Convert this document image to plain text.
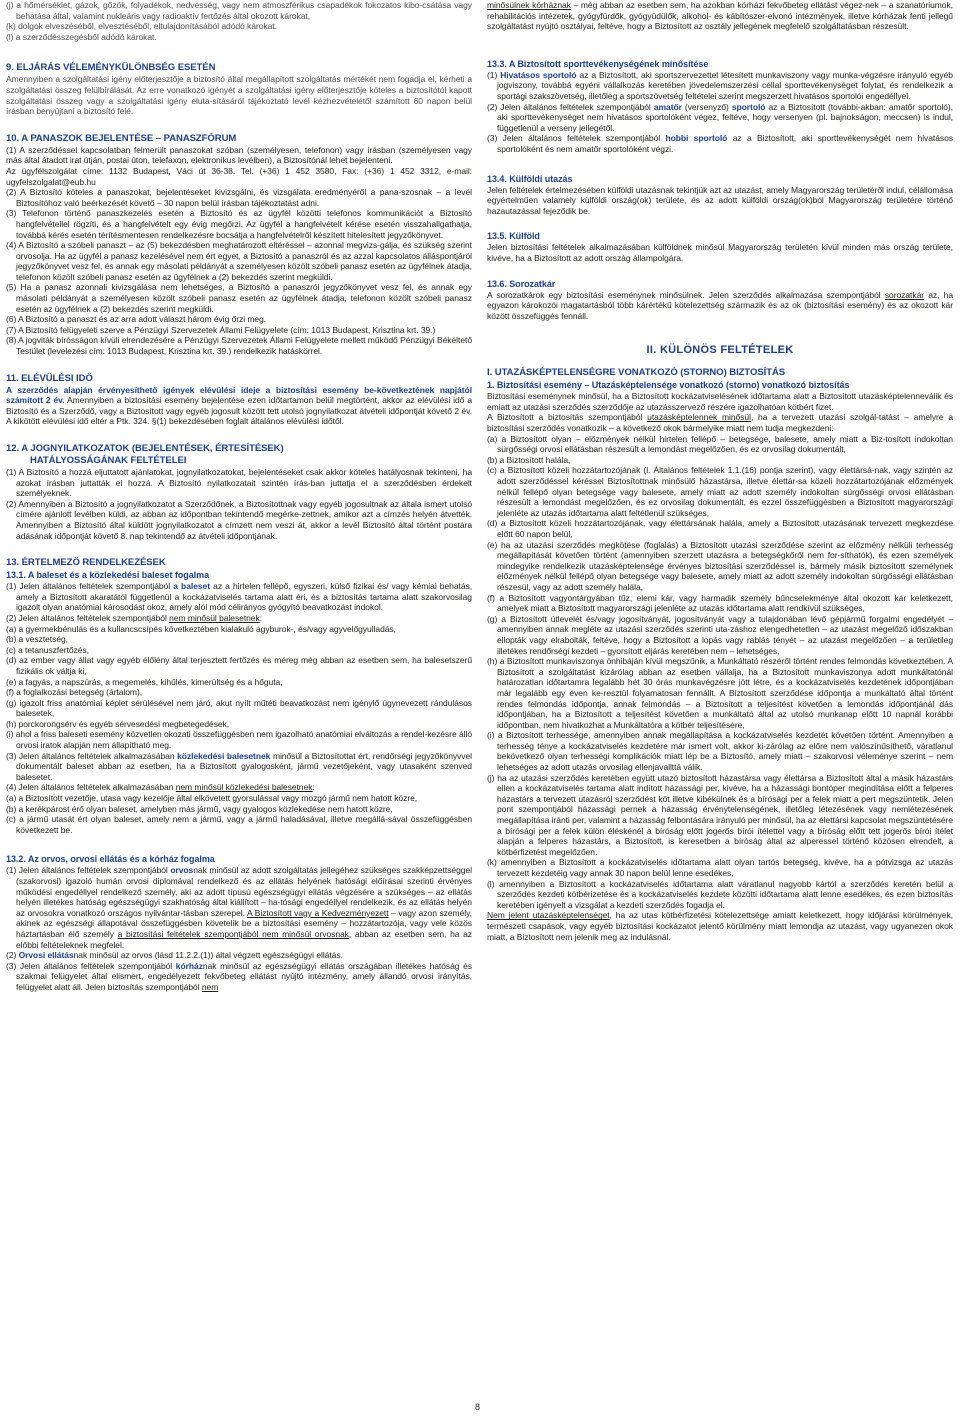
(j) a hőmérséklet, gázok, gőzök, folyadékok, nedvesség, vagy nem atmoszférikus csapadékok fokozatos kibo-csátása vagy behatása által, valamint nukleáris vagy radioaktív fertőzés által okozott károkat,

(k) dolgok elveszéséből, elvesztéséből, eltulajdonításából adódó károkat.

(l) a szerződésszegésből adódó károkat.

9. ELJÁRÁS VÉLEMÉNYKÜLÖNBSÉG ESETÉN

Amennyiben a szolgáltatási igény előterjesztője a biztosító által megállapított szolgáltatás mértékét nem fogadja el, kérheti a szolgáltatási összeg felülbírálását. Az erre vonatkozó igényét a szolgáltatási igény előterjesztője köteles a biztosítótól kapott szolgáltatási összeg vagy a szolgáltatási igény eluta-sításáról tájékoztató levél kézhezvételétől számított 60 napon belül írásban benyújtani a biztosító felé.

10. A PANASZOK BEJELENTÉSE – PANASZFÓRUM

(1) A szerződéssel kapcsolatban felmerült panaszokat szóban (személyesen, telefonon) vagy írásban (személyesen vagy más által átadott irat útján, postai úton, telefaxon, elektronikus levélben), a Biztosítónál lehet bejelenteni.

Az ügyfélszolgálat címe: 1132 Budapest, Váci út 36-38. Tel. (+36) 1 452 3580, Fax: (+36) 1 452 3312, e-mail: ugyfelszolgalat@eub.hu

(2) A Biztosító köteles a panaszokat, bejelentéseket kivizsgálni, és vizsgálata eredményéről a pana-szosnak – a levél Biztosítóhoz való beérkezését követő – 30 napon belül írásban tájékoztatást adni.

(3) Telefonon történő panaszkezelés esetén a Biztosító és az ügyfél közötti telefonos kommunikációt a Biztosító hangfelvétellel rögzíti, és a hangfelvételt egy évig megőrzi. Az ügyfél a hangfelvételt kérése esetén visszahallgathatja, továbbá kérés esetén térítésmentesen rendelkezésre bocsátja a hangfelvételről készített hitelesített jegyzőkönyvet.

(4) A Biztosító a szóbeli panaszt – az (5) bekezdésben meghatározott eltéréssel – azonnal megvizs-gálja, és szükség szerint orvosolja. Ha az ügyfél a panasz kezelésével nem ért egyet, a Biztosító a panaszról és az azzal kapcsolatos álláspontjáról jegyzőkönyvet vesz fel, és annak egy másolati példányát a személyesen közölt szóbeli panasz esetén az ügyfélnek átadja, telefonon közölt szóbeli panasz esetén az ügyfélnek a (2) bekezdés szerint megküldi.

(5) Ha a panasz azonnali kivizsgálása nem lehetséges, a Biztosító a panaszról jegyzőkönyvet vesz fel, és annak egy másolati példányát a személyesen közölt szóbeli panasz esetén az ügyfélnek átadja, telefonon közölt szóbeli panasz esetén az ügyfélnek a (2) bekezdés szerint megküldi.

(6) A Biztosító a panaszt és az arra adott választ három évig őrzi meg.

(7) A Biztosító felügyeleti szerve a Pénzügyi Szervezetek Állami Felügyelete (cím: 1013 Budapest, Krisztina krt. 39.)

(8) A jogviták bírósságon kívüli elrendezésére a Pénzügyi Szervezetek Állami Felügyelete mellett működő Pénzügyi Békéltető Testület (levelezési cím: 1013 Budapest, Krisztina krt. 39.) rendelkezik hatáskörrel.

11. ELÉVÜLÉSI IDŐ

A szerződés alapján érvényesíthető igények elévülési ideje a biztosítási esemény be-következtének napjától számított 2 év. Amennyiben a biztosítási esemény bejelentése ezen időtartamon belül megtörtént, akkor az elévülési idő a Biztosító és a Szerződő, vagy a Biztosított vagy egyéb jogosult között tett utolsó jognyilatkozat átvételi időpontját követő 2 év. A kikötött elévülési idő eltér a Ptk. 324. §(1) bekezdésében foglalt általános elévülési időtől.

12. A JOGNYILATKOZATOK (BEJELENTÉSEK, ÉRTESÍTÉSEK)

HATÁLYOSSÁGÁNAK FELTÉTELEI

(1) A Biztosító a hozzá eljuttatott ajánlatokat, jognyilatkozatokat, bejelentéseket csak akkor köteles hatályosnak tekinteni, ha azokat írásban juttatták el hozzá. A Biztosító nyilatkozatait szintén írás-ban juttatja el a szerződésben érdekelt személyeknek.

(2) Amennyiben a Biztosító a jognyilatkozatot a Szerződőnek, a Biztosítottnak vagy egyéb jogosultnak az általa ismert utolsó címére ajánlott levélben küldi, az abban az időpontban tekintendő megérke-zettnek, amikor azt a címzés helyén átvették. Amennyiben a Biztosító által küldött jognyilatkozatot a címzett nem veszi át, akkor a levél Biztosító által történt postára adásának időpontját követő 8. nap tekintendő az átvételi időpontjának.

13. ÉRTELMEZŐ RENDELKEZÉSEK

13.1. A baleset és a közlekedési baleset fogalma

(1) Jelen általános feltételek szempontjából a baleset az a hirtelen fellépő, egyszeri, külső fizikai és/ vagy kémiai behatás, amely a Biztosított akaratától függetlenül a kockázatviselés tartama alatt éri, és a biztosítás tartama alatt szakorvosilag igazolt olyan anatómiai károsodást okoz, amely alól mód célirányos gyógyító beavatkozást indokol.

(2) Jelen általános feltételek szempontjából nem minősül balesetnek:

(a) a gyermekbénulás és a kullancscsípés következtében kialakuló agyburok-, és/vagy agyvelőgyulladás,

(b) a vesztetség,

(c) a tetanuszfertőzés,

(d) az ember vagy állat vagy egyéb élőlény által terjesztett fertőzés és méreg még abban az esetben sem, ha balesetszerű fizikális ok váltja ki,

(e) a fagyás, a napszúrás, a megemelés, kihűlés, kimerültség és a hőguta,

(f) a foglalkozási betegség (ártalom),

(g) igazolt friss anatómiai képlet sérülésével nem járó, akut nyílt műtéti beavatkozást nem igénylő úgynevezett rándulásos balesetek,

(h) porckorongsérv és egyéb sérvesedési megbetegedések,

(i) ahol a friss baleseti esemény közvetlen okozati összefüggésben nem igazolható anatómiai elváltozás a rendel-kezésre álló orvosi iratok alapján nem állapítható meg.

(3) Jelen általános feltételek alkalmazásában közlekedési balesetnek minősül a Biztosítottat ért, rendőrségi jegyzőkönyvvel dokumentált baleset abban az esetben, ha a Biztosított gyalogosként, jármű vezetőjeként, vagy utasaként szenved balesetet.

(4) Jelen általános feltételek alkalmazásában nem minősül közlekedési balesetnek:

(a) a Biztosított vezetője, utasa vagy kezelője által elkövetett gyorsulással vagy mozgó jármű nem hatott közre,

(b) a kerékpárost érő olyan baleset, amelyben más jármű, vagy gyalogos közlekedése nem hatott közre,

(c) a jármű utasát ért olyan baleset, amely nem a jármű, vagy a jármű haladásával, illetve megállá-sával összefüggésben következett be.

13.2. Az orvos, orvosi ellátás és a kórház fogalma

(1) Jelen általános feltételek szempontjából orvosnak minősül az adott szolgáltatás jellegéhez szükséges szakképzettséggel (szakorvosi) igazoló humán orvosi diplomával rendelkező és az ellátás helyének hatósági előírásai szerinti érvényes működési engedéllyel rendelkező személy, aki az adott típusú egészségügyi ellátás végzésére a szükséges – az ellátás helyén illetékes hatóság egészségügyi szakhatóság által kiállított – ha-tósági engedéllyel rendelkezik, és az ellátás helyén az orvosokra vonatkozó országos nyilvántar-tásban szerepel. A Biztosított vagy a Kedvezményezett – vagy azon személy, akinek az egészségi állapotával összefüggésben követelik be a biztosítási esemény – hozzátartozója, vagy vele közös háztartásban élő személy a biztosítási feltételek szempontjából nem minősül orvosnak, abban az esetben sem, ha az előbbi feltételeknek megfelel.

(2) Orvosi ellátásnak minősül az orvos (lásd 11.2.2.(1)) által végzett egészségügyi ellátás.

(3) Jelen általános feltételek szempontjából kórháznak minősül az egészségügyi ellátás országában illetékes hatóság és szakmai felügyelet által elismert, engedélyezett fekvőbeteg ellátást nyújtó intézmény, amely állandó orvosi irányítás, felügyelet alatt áll. Jelen biztosítás szempontjából nem

minősülnek kórháznak – még abban az esetben sem, ha azokban kórházi fekvőbeteg ellátást végez-nek – a szanatóriumok, rehabilitációs intézetek, gyógyfürdők, gyógyüdülők, alkohol- és kábítószer-elvonó intézmények, illetve kórházak fenti jellegű szolgáltatást nyújtó osztályai, feltéve, hogy a Biztosított az osztály jellegének megfelelő szolgáltatásban részesült.

13.3. A Biztosított sporttevékenységének minősítése

(1) Hivatásos sportoló az a Biztosított, aki sportszervezettel létesített munkaviszony vagy munka-végzésre irányuló egyéb jogviszony, továbbá egyéni vállalkozás keretében jövedelemszerzési céllal sporttevékenységet folytat, és rendelkezik a sportági szakszövetség, illetőleg a sportszövetség feltételei szerint megszerzett hivatásos sportolói engedéllyel.

(2) Jelen általános feltételek szempontjából amatőr (versenyző) sportoló az a Biztosított (további-akban: amatőr sportoló), aki sporttevékenységet nem hivatásos sportolóként végez, feltéve, hogy versenyen (pl. bajnokságon, meccsen) is indul, függetlenül a verseny jellegétől.

(3) Jelen általános feltételek szempontjából hobbi sportoló az a Biztosított, aki sporttevékenységét nem hivatásos sportolóként és nem amatőr sportolóként végzi.

13.4. Külföldi utazás

Jelen feltételek értelmezésében külföldi utazásnak tekintjük azt az utazást, amely Magyarország területéről indul, célállomása egyértelműen valamely külföldi ország(ok) területe, és az adott külföldi ország(ok)ból Magyarország területére történő hazautazással fejeződik be.

13.5. Külföld

Jelen biztosítási feltételek alkalmazásában külföldnek minősül Magyarország területén kívül minden más ország területe, kivéve, ha a Biztosított az adott ország állampolgára.

13.6. Sorozatkár

A sorozatkárok egy biztosítási eseménynek minősülnek. Jelen szerződés alkalmazása szempontjából sorozatkár az, ha egyazon károkozói magatartásból több kárértékű kötelezettség származik és az ok (biztosítási esemény) és az okozott kár között összefüggés fennáll.

II. KÜLÖNÖS FELTÉTELEK

I. UTAZÁSKÉPTELENSÉGRE VONATKOZÓ (STORNO) BIZTOSÍTÁS

1. Biztosítási esemény – Utazásképtelensége vonatkozó (storno) vonatkozó biztosítás

Biztosítási eseménynek minősül, ha a Biztosított kockázatviselésének időtartama alatt a Biztosított utazásképtelenneválik és emiatt az utazási szerződés szerződője az utazásszervező részére igazolhatóan kötbért fizet.

A Biztosított a biztosítás szempontjából utazásképtelennek minősül, ha a tervezett utazási szolgál-tatást – amelyre a biztosítási szerződés vonatkozik – a következő okok bármelyike miatt nem tudja megkezdeni:

(a) a Biztosított olyan – előzmények nélkül hirtelen fellépő – betegsége, balesete, amely miatt a Biz-tosított indokoltan sürgősségi orvosi ellátásban részesült a lemondást megelőzően, és ez orvosilag dokumentált,

(b) a Biztosított halála,

(c) a Biztosított közeli hozzátartozójának (l. Általános feltételek 1.1.(16) pontja szerint), vagy élettársá-nak, vagy szintén az adott szerződéssel kéréssel Biztosítottnak minősülő házastársa, illetve élettár-sa közeli hozzátartozójának előzmények nélkül fellépő olyan betegsége vagy balesete, amely miatt az adott személy indokoltan sürgősségi orvosi ellátásban részesült a lemondást megelőzően, és ez orvosilag dokumentált, és ezzel összefüggésben a Biztosított magyarországi jelenléte az utazás időtartama alatt feltétlenül szükséges,

(d) a Biztosított közeli hozzátartozójának, vagy élettársának halála, amely a Biztosított utazásának tervezett megkezdése előtt 60 napon belül,

(e) ha az utazási szerződés megkötése (foglalás) a Biztosított utazási szerződése szerint az előzmény nélküli terhesség megállapítását követően történt (amennyiben szerzett utazásra a betegségkőről nem for-síthatók), és ezen személyek mindegyike rendelkezik utazásképtelensége érvényes biztosítási szerződéssel is, bármely másik biztosított személynek előzmények nélkül fellépő olyan betegsége vagy balesete, amely miatt az adott személy indokoltan sürgősségi ellátásban részesül, vagy az adott személy halála,

(f) a Biztosított vagyontárgyában tűz, elemi kár, vagy harmadik személy bűncselekménye által okozott kár keletkezett, amelyek miatt a Biztosított magyarországi jelenléte az utazás időtartama alatt rendkívül szükséges,

(g) a Biztosított útlevelét és/vagy jogosítványát, jogosítványát vagy a tulajdonában lévő gépjármű forgalmi engedélyét – amennyiben annak megléte az utazási szerződés szerinti uta-záshoz elengedhetetlen – az utazást megelőző időszakban ellopták vagy elrabolták, feltéve, hogy a Biztosított a lopás vagy rablás tényét – az utazást megelőzően – a területileg illetékes rendőrségi kezdeti – gyorsított eljárás keretében nem – lehetséges,

(h) a Biztosított munkaviszonya önhibáján kívül megszűnik, a Munkáltató részéről történt rendes felmondás következtében. A Biztosított a szolgáltatást kizárólag abban az esetben vállalja, ha a Biztosított munkaviszonya adott munkáltatónál határozatlan időtartamra legalább hét 30 órás munkavégzésre jött létre, és a kockázatviselés kezdetének időpontjában már legalább egy éven ke-resztül folyamatosan fennállt. A Biztosított szerződése időpontja a munkáltató által történt rendes felmondás időpontja, annak felmondás – a Biztosított a teljesítést követően a lemondás időpontjánál dás időpontjában, ha a Biztosított a teljesítést követően a munkáltató által az utolsó munkanap előtt 10 napnál korábbi időpontban, nem hivatkozhat a Munkáltatóra a kötbér teljesítésére,

(i) a Biztosított terhessége, amennyiben annak megállapítása a kockázatviselés kezdetét követően történt. Amennyiben a terhesség ténye a kockázatviselés kezdetére már ismert volt, akkor ki-zárólag az előre nem valószínűsíthető, váratlanul bekövetkező olyan terhességi komplikációk miatt lép be a Biztosító, amely miatt – szakorvosi véleménye szerint – nem lehetséges az adott utazás orvosilag ellenjavallttá válik.

(j) ha az utazási szerződés keretében együtt utazó biztosított házastársa vagy élettársa a Biztosított által a másik házastárs ellen a kockázatviselés tartama alatt indított házassági per, kivéve, ha a házassági bontóper megindítása előtt a felperes házastárs a tervezett utazásról szerződést köt illetve kibékülnek és a bírósági per a felek miatt a pert megszüntetik. Jelen pont szempontjából házassági pernek a házasság érvénytelenségének, illetőleg létezésének vagy nemlétezésének megállapítása iránti per, valamint a házasság felbontására irányuló per minősül, ha az élettársi kapcsolat megszüntetésére a bírósági per a felek külön éléskénél a bíróság előtt jogerős bírói ítélettel vagy a bíróság előtt tett jogerős bírói ítélet alapján a felperes házastárs, a Biztosított, is keresetben a bíróság által az alperessel történő közösen elrendelt, a kötbérfizetést megelőzően.

(k) amennyiben a Biztosított a kockázatviselés időtartama alatt olyan tartós betegség, kivéve, ha a pótvizsga az utazás tervezett kezdetéig vagy annak 30 napon belül lenne esedékes,

(l) amennyiben a Biztosított a kockázatviselés időtartama alatt váratlanul nagyobb kártól a szerződés keretén belül a szerződés kezdeti kötbérizetése és a kockázatviselés kezdete közötti időtartama alatt lenne esedékes, és ezen biztosítás keretében igényelt a vizsgálat a kezdeti szerződés fogadja el.

Nem jelent utazásképtelenséget, ha az utas kötbérfizetési kötelezettsége amiatt keletkezett, hogy időjárási körülmények, természeti csapások, vagy egyéb biztosítási kockázatot jelentő körülmény miatt lemondja az utazást, vagy ugyanezen okok miatt, a Biztosított nem jelenik meg az indulásnál.

8
